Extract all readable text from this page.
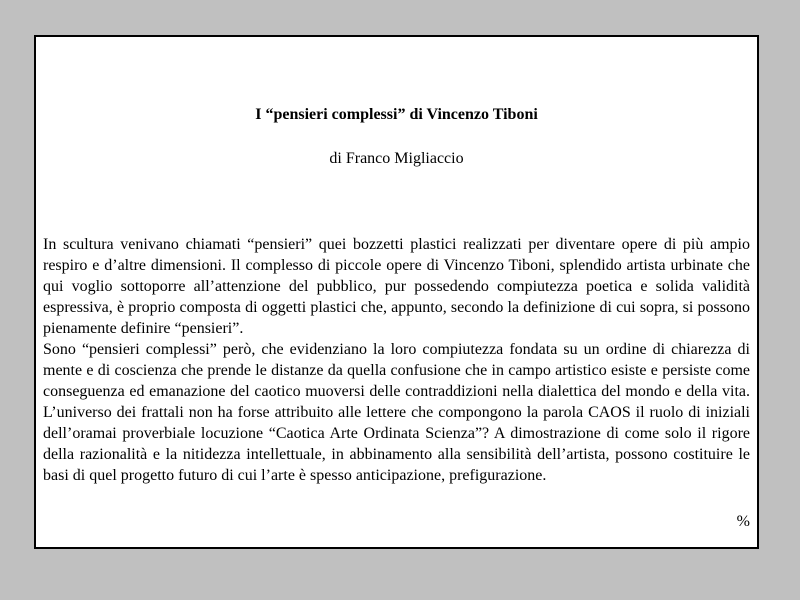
I “pensieri complessi” di Vincenzo Tiboni

di Franco Migliaccio

In scultura venivano chiamati “pensieri” quei bozzetti plastici realizzati per diventare opere di più ampio respiro e d’altre dimensioni. Il complesso di piccole opere di Vincenzo Tiboni, splendido artista urbinate che qui voglio sottoporre all’attenzione del pubblico, pur possedendo compiutezza poetica e solida validità espressiva, è proprio composta di oggetti plastici che, appunto, secondo la definizione di cui sopra, si possono pienamente definire “pensieri”.

Sono “pensieri complessi” però, che evidenziano la loro compiutezza fondata su un ordine di chiarezza di mente e di coscienza che prende le distanze da quella confusione che in campo artistico esiste e persiste come conseguenza ed emanazione del caotico muoversi delle contraddizioni nella dialettica del mondo e della vita. L’universo dei frattali non ha forse attribuito alle lettere che compongono la parola CAOS il ruolo di iniziali dell’oramai proverbiale locuzione “Caotica Arte Ordinata Scienza”? A dimostrazione di come solo il rigore della razionalità e la nitidezza intellettuale, in abbinamento alla sensibilità dell’artista, possono costituire le basi di quel progetto futuro di cui l’arte è spesso anticipazione, prefigurazione.

%
